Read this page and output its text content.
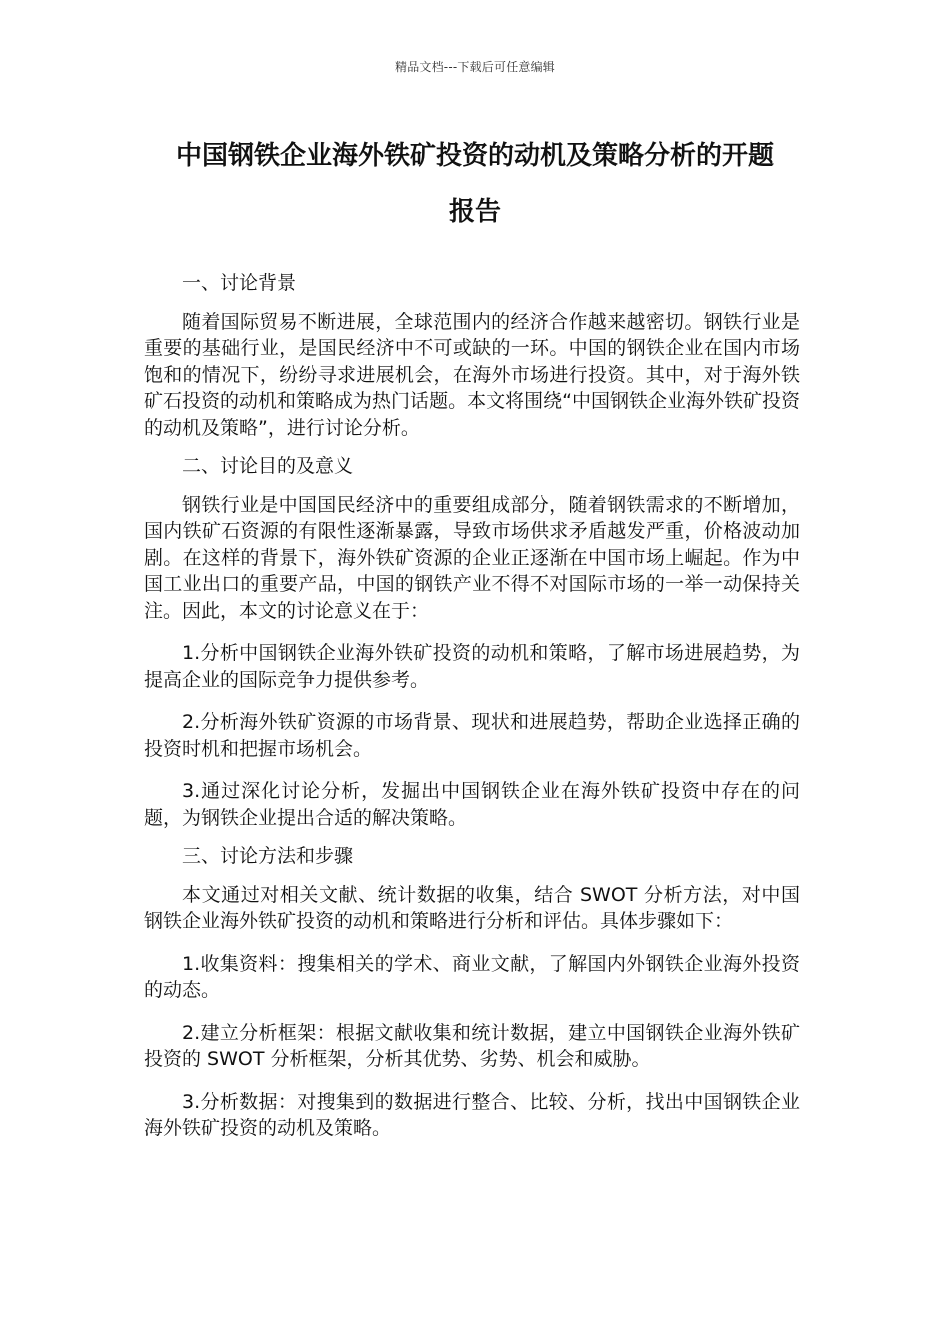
精品文档---下载后可任意编辑
中国钢铁企业海外铁矿投资的动机及策略分析的开题
报告

一、讨论背景

随着国际贸易不断进展，全球范围内的经济合作越来越密切。钢铁行业是重要的基础行业，是国民经济中不可或缺的一环。中国的钢铁企业在国内市场饱和的情况下，纷纷寻求进展机会，在海外市场进行投资。其中，对于海外铁矿石投资的动机和策略成为热门话题。本文将围绕“中国钢铁企业海外铁矿投资的动机及策略”，进行讨论分析。

二、讨论目的及意义

钢铁行业是中国国民经济中的重要组成部分，随着钢铁需求的不断增加，国内铁矿石资源的有限性逐渐暴露，导致市场供求矛盾越发严重，价格波动加剧。在这样的背景下，海外铁矿资源的企业正逐渐在中国市场上崛起。作为中国工业出口的重要产品，中国的钢铁产业不得不对国际市场的一举一动保持关注。因此，本文的讨论意义在于：

1.分析中国钢铁企业海外铁矿投资的动机和策略，了解市场进展趋势，为提高企业的国际竞争力提供参考。

2.分析海外铁矿资源的市场背景、现状和进展趋势，帮助企业选择正确的投资时机和把握市场机会。

3.通过深化讨论分析，发掘出中国钢铁企业在海外铁矿投资中存在的问题，为钢铁企业提出合适的解决策略。

三、讨论方法和步骤

本文通过对相关文献、统计数据的收集，结合 SWOT 分析方法，对中国钢铁企业海外铁矿投资的动机和策略进行分析和评估。具体步骤如下：

1.收集资料：搜集相关的学术、商业文献，了解国内外钢铁企业海外投资的动态。

2.建立分析框架：根据文献收集和统计数据，建立中国钢铁企业海外铁矿投资的 SWOT 分析框架，分析其优势、劣势、机会和威胁。

3.分析数据：对搜集到的数据进行整合、比较、分析，找出中国钢铁企业海外铁矿投资的动机及策略。
